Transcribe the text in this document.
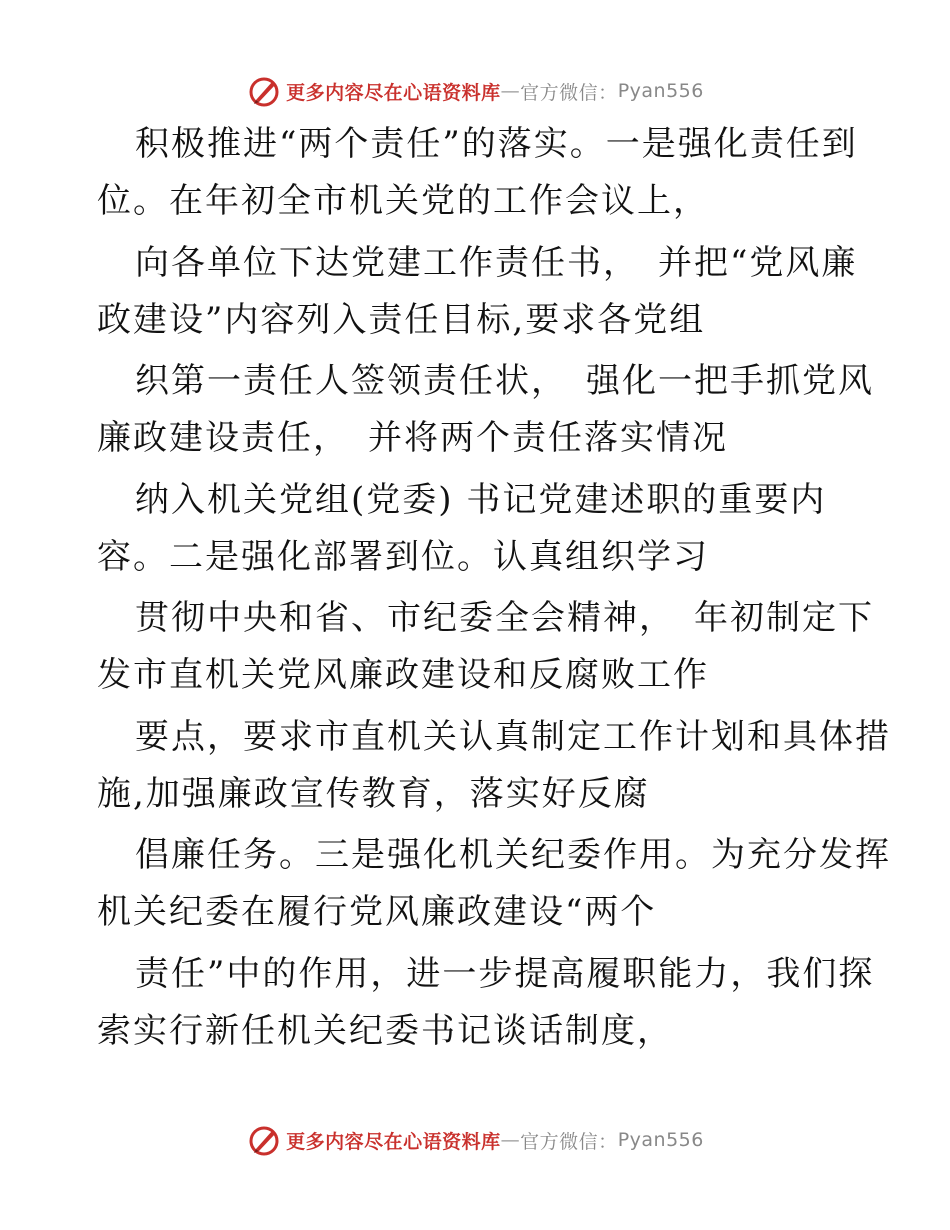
更多内容尽在心语资料库 — 官方微信： Pyan556
积极推进“两个责任”的落实。一是强化责任到
位。在年初全市机关党的工作会议上，
向各单位下达党建工作责任书，　并把“党风廉
政建设”内容列入责任目标,要求各党组
织第一责任人签领责任状，　强化一把手抓党风
廉政建设责任，　并将两个责任落实情况
纳入机关党组(党委) 书记党建述职的重要内
容。二是强化部署到位。认真组织学习
贯彻中央和省、市纪委全会精神，　年初制定下
发市直机关党风廉政建设和反腐败工作
要点，要求市直机关认真制定工作计划和具体措
施,加强廉政宣传教育，落实好反腐
倡廉任务。三是强化机关纪委作用。为充分发挥
机关纪委在履行党风廉政建设“两个
责任”中的作用，进一步提高履职能力，我们探
索实行新任机关纪委书记谈话制度，
更多内容尽在心语资料库 — 官方微信： Pyan556
